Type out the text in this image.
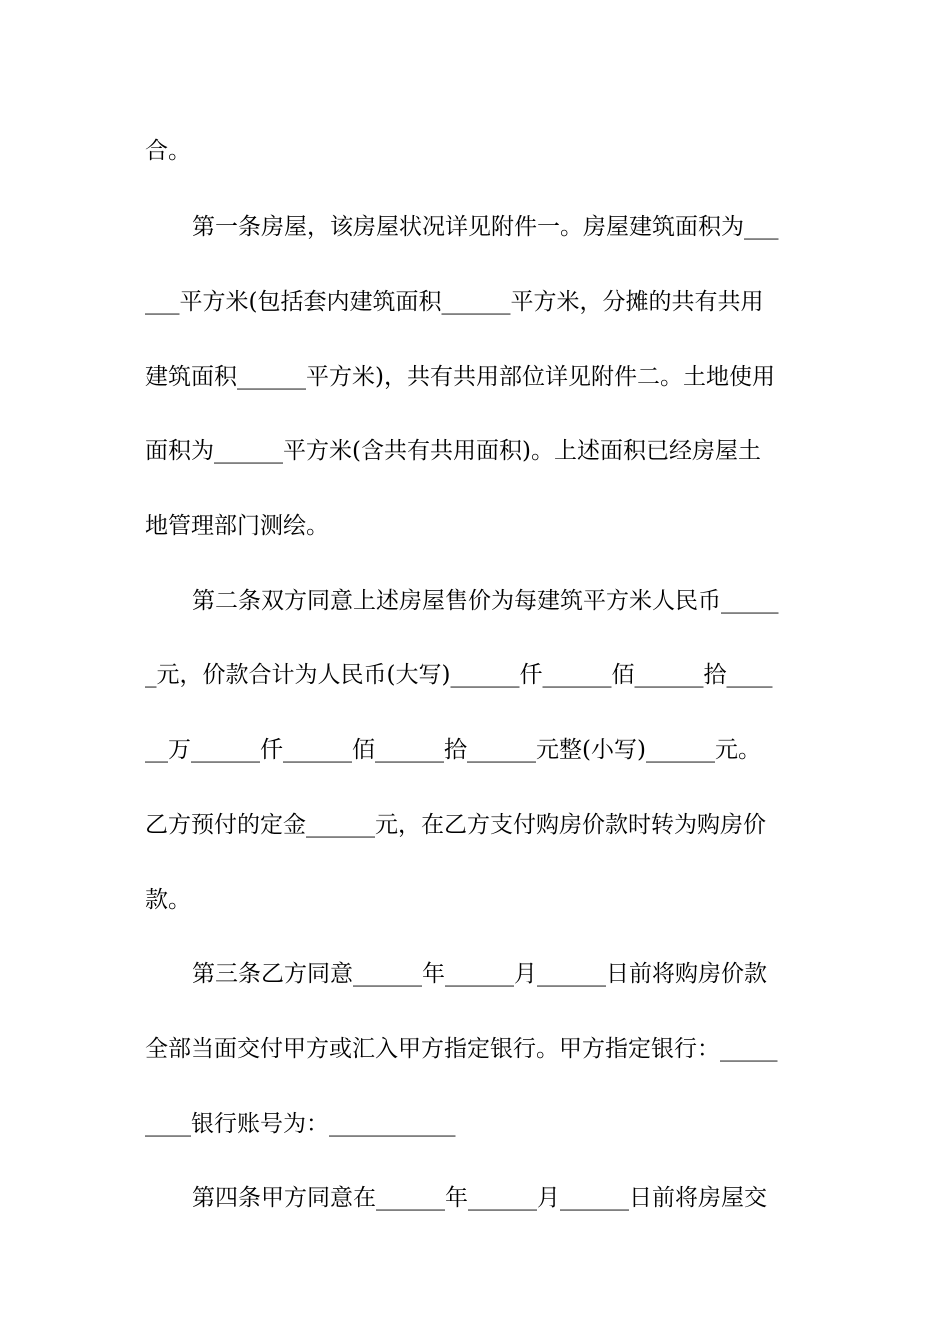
合。
第一条房屋，该房屋状况详见附件一。房屋建筑面积为___
___平方米(包括套内建筑面积______平方米，分摊的共有共用
建筑面积______平方米)，共有共用部位详见附件二。土地使用
面积为______平方米(含共有共用面积)。上述面积已经房屋土
地管理部门测绘。
第二条双方同意上述房屋售价为每建筑平方米人民币_____
_元，价款合计为人民币(大写)______仟______佰______拾____
__万______仟______佰______拾______元整(小写)______元。
乙方预付的定金______元，在乙方支付购房价款时转为购房价
款。
第三条乙方同意______年______月______日前将购房价款
全部当面交付甲方或汇入甲方指定银行。甲方指定银行：_____
____银行账号为：___________
第四条甲方同意在______年______月______日前将房屋交
